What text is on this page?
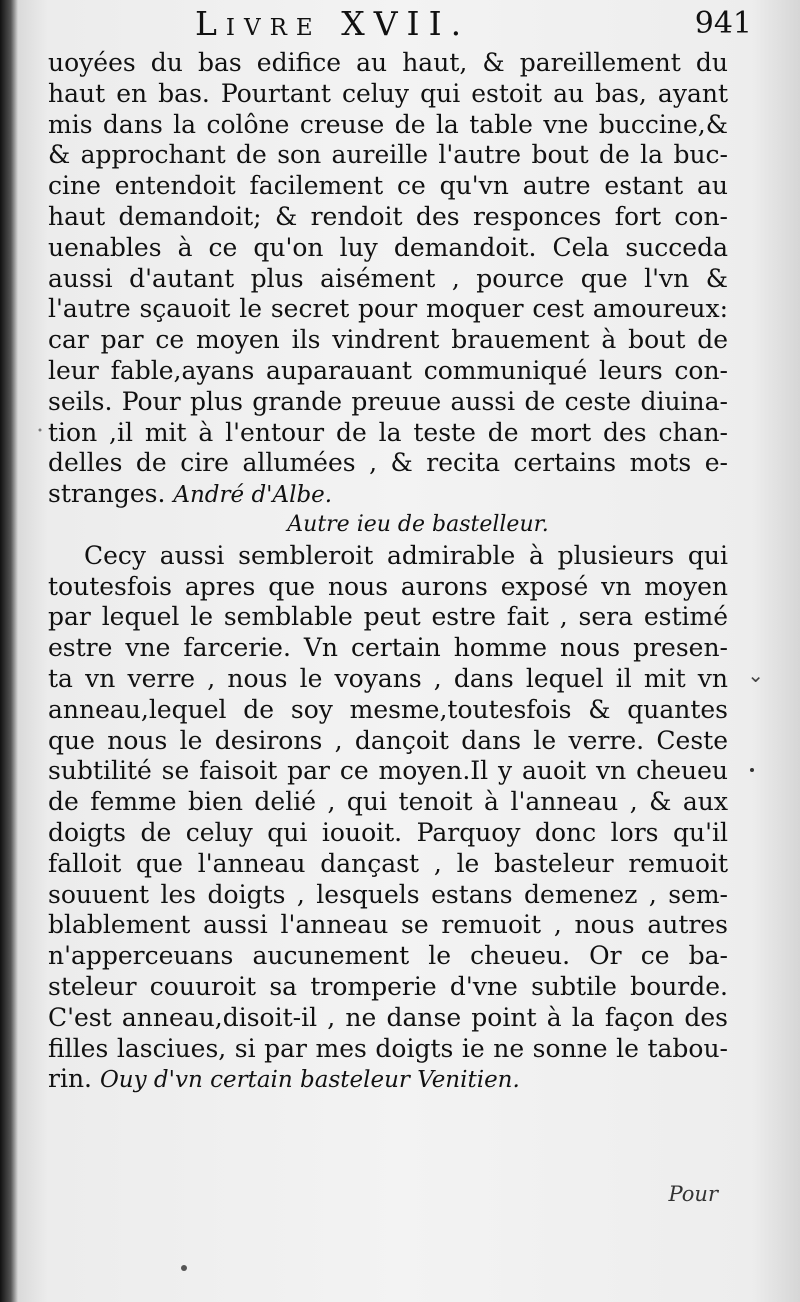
Livre XVII.	941
uoyées du bas edifice au haut, & pareillement du
haut en bas. Pourtant celuy qui estoit au bas, ayant
mis dans la colône creuse de la table vne buccine,&
& approchant de son aureille l'autre bout de la buc-
cine entendoit facilement ce qu'vn autre estant au
haut demandoit; & rendoit des responces fort con-
uenables à ce qu'on luy demandoit. Cela succeda
aussi d'autant plus aisément , pource que l'vn &
l'autre sçauoit le secret pour moquer cest amoureux:
car par ce moyen ils vindrent brauement à bout de
leur fable,ayans auparauant communiqué leurs con-
seils. Pour plus grande preuue aussi de ceste diuina-
tion ,il mit à l'entour de la teste de mort des chan-
delles de cire allumées , & recita certains mots e-
stranges. André d'Albe.
Autre ieu de bastelleur.
Cecy aussi sembleroit admirable à plusieurs qui
toutesfois apres que nous aurons exposé vn moyen
par lequel le semblable peut estre fait , sera estimé
estre vne farcerie. Vn certain homme nous presen-
ta vn verre , nous le voyans , dans lequel il mit vn
anneau,lequel de soy mesme,toutesfois & quantes
que nous le desirons , dançoit dans le verre. Ceste
subtilité se faisoit par ce moyen.Il y auoit vn cheueu
de femme bien delié , qui tenoit à l'anneau , & aux
doigts de celuy qui iouoit. Parquoy donc lors qu'il
falloit que l'anneau dançast , le basteleur remuoit
souuent les doigts , lesquels estans demenez , sem-
blablement aussi l'anneau se remuoit , nous autres
n'apperceuans aucunement le cheueu. Or ce ba-
steleur couuroit sa tromperie d'vne subtile bourde.
C'est anneau,disoit-il , ne danse point à la façon des
filles lasciues, si par mes doigts ie ne sonne le tabou-
rin. Ouy d'vn certain basteleur Venitien.
⌄
Pour
